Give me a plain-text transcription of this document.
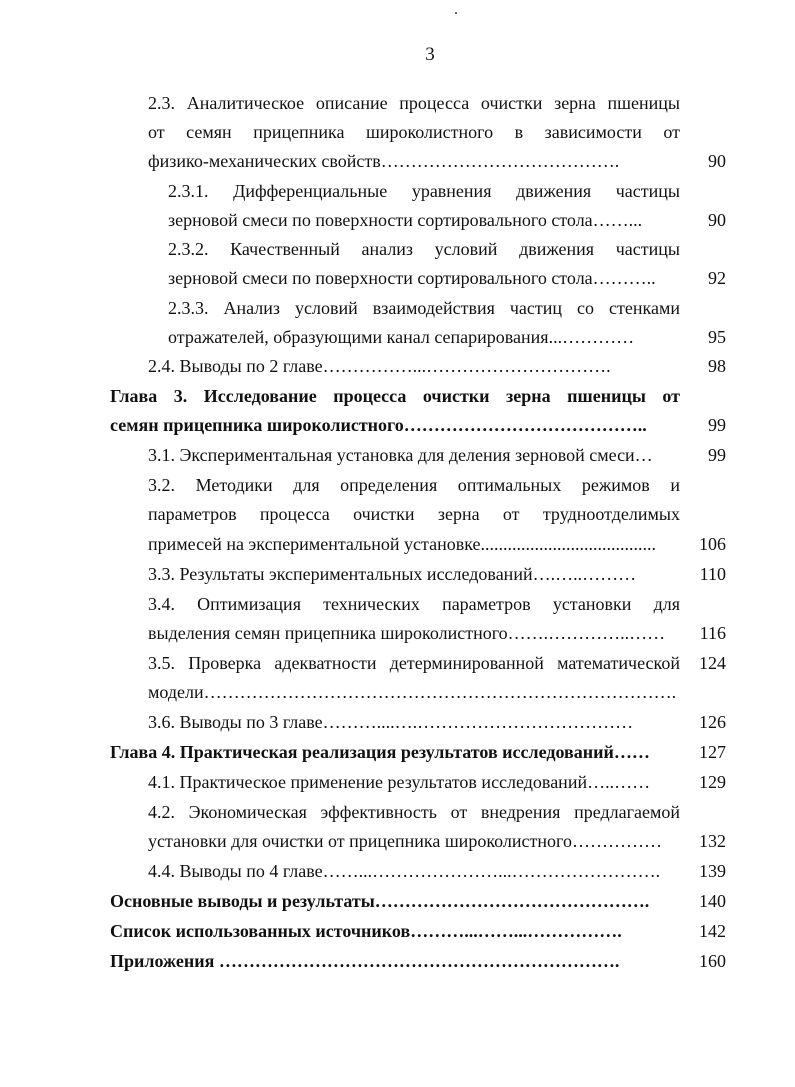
3
2.3. Аналитическое описание процесса очистки зерна пшеницы
от семян прицепника широколистного в зависимости от
физико-механических свойств………………………………….	90
2.3.1. Дифференциальные уравнения движения частицы
зерновой смеси по поверхности сортировального стола……...	90
2.3.2. Качественный анализ условий движения частицы
зерновой смеси по поверхности сортировального стола………..	92
2.3.3. Анализ условий взаимодействия частиц со стенками
отражателей, образующими канал сепарирования...…………	95
2.4. Выводы по 2 главе……………...………………………….	98
Глава 3. Исследование процесса очистки зерна пшеницы от
семян прицепника широколистного…………………………………..	99
3.1. Экспериментальная установка для деления зерновой смеси…	99
3.2. Методики для определения оптимальных режимов и
параметров процесса очистки зерна от трудноотделимых
примесей на экспериментальной установке.......................................	106
3.3. Результаты экспериментальных исследований….…..………	110
3.4. Оптимизация технических параметров установки для
выделения семян прицепника широколистного…….…………..……	116
3.5. Проверка адекватности детерминированной математической	124
модели…………………………………………………………………….
3.6. Выводы по 3 главе………....….………………………………	126
Глава 4. Практическая реализация результатов исследований……	127
4.1. Практическое применение результатов исследований…..……	129
4.2. Экономическая эффективность от внедрения предлагаемой
установки для очистки от прицепника широколистного……………	132
4.4. Выводы по 4 главе……...…………………...…………………….	139
Основные выводы и результаты……………………………………….	140
Список использованных источников………...……...…………….	142
Приложения ………………………………………………………….	160
